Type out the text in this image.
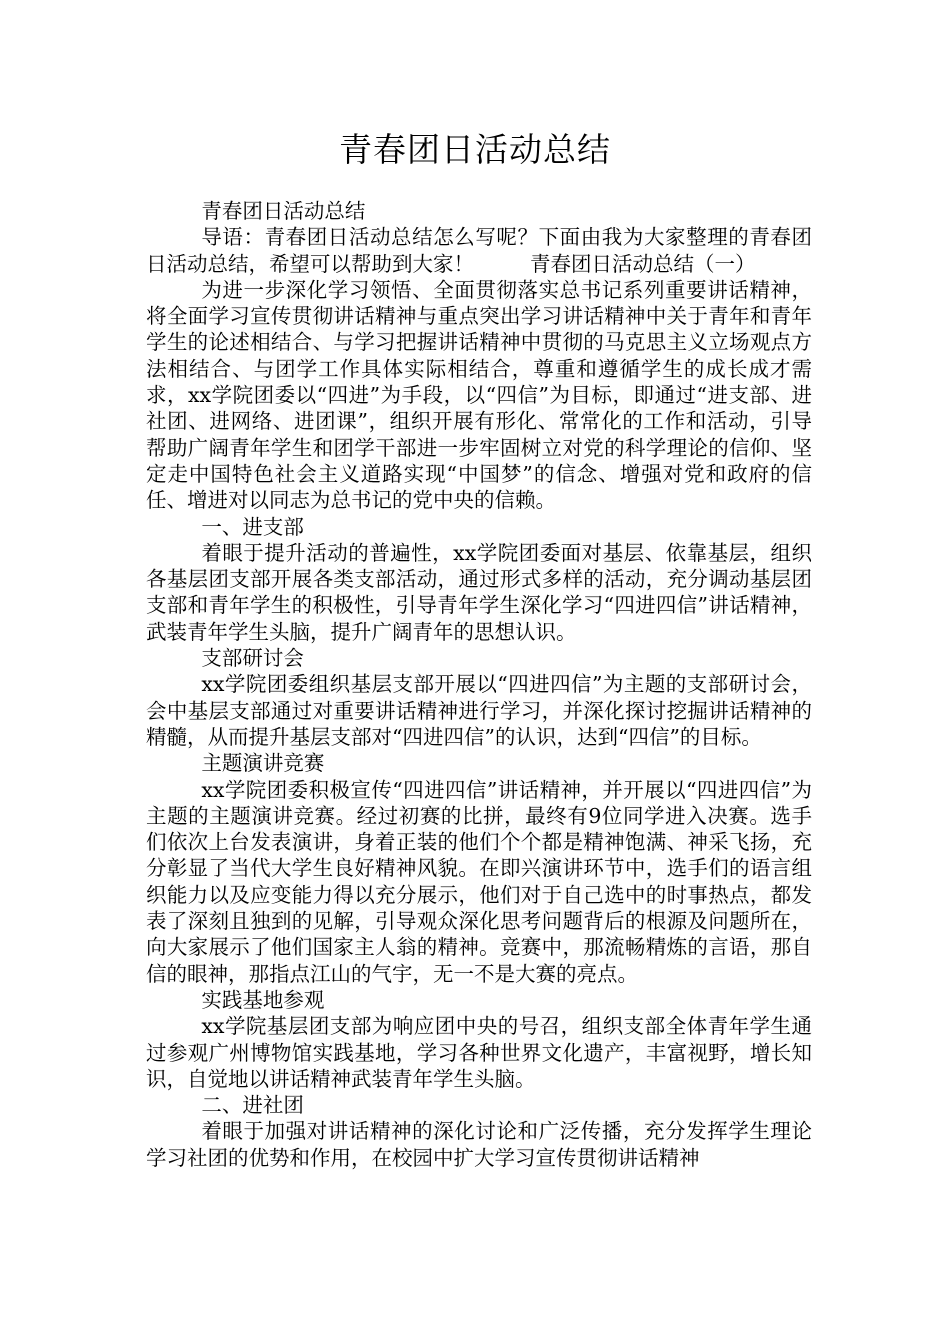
青春团日活动总结

青春团日活动总结

导语：青春团日活动总结怎么写呢？下面由我为大家整理的青春团日活动总结，希望可以帮助到大家！	青春团日活动总结（一）

为进一步深化学习领悟、全面贯彻落实总书记系列重要讲话精神，将全面学习宣传贯彻讲话精神与重点突出学习讲话精神中关于青年和青年学生的论述相结合、与学习把握讲话精神中贯彻的马克思主义立场观点方法相结合、与团学工作具体实际相结合，尊重和遵循学生的成长成才需求，xx学院团委以“四进”为手段，以“四信”为目标，即通过“进支部、进社团、进网络、进团课”，组织开展有形化、常常化的工作和活动，引导帮助广阔青年学生和团学干部进一步牢固树立对党的科学理论的信仰、坚定走中国特色社会主义道路实现“中国梦”的信念、增强对党和政府的信任、增进对以同志为总书记的党中央的信赖。

一、进支部

着眼于提升活动的普遍性，xx学院团委面对基层、依靠基层，组织各基层团支部开展各类支部活动，通过形式多样的活动，充分调动基层团支部和青年学生的积极性，引导青年学生深化学习“四进四信”讲话精神，武装青年学生头脑，提升广阔青年的思想认识。

支部研讨会

xx学院团委组织基层支部开展以“四进四信”为主题的支部研讨会，会中基层支部通过对重要讲话精神进行学习，并深化探讨挖掘讲话精神的精髓，从而提升基层支部对“四进四信”的认识，达到“四信”的目标。

主题演讲竞赛

xx学院团委积极宣传“四进四信”讲话精神，并开展以“四进四信”为主题的主题演讲竞赛。经过初赛的比拼，最终有9位同学进入决赛。选手们依次上台发表演讲，身着正装的他们个个都是精神饱满、神采飞扬，充分彰显了当代大学生良好精神风貌。在即兴演讲环节中，选手们的语言组织能力以及应变能力得以充分展示，他们对于自己选中的时事热点，都发表了深刻且独到的见解，引导观众深化思考问题背后的根源及问题所在，向大家展示了他们国家主人翁的精神。竞赛中，那流畅精炼的言语，那自信的眼神，那指点江山的气宇，无一不是大赛的亮点。

实践基地参观

xx学院基层团支部为响应团中央的号召，组织支部全体青年学生通过参观广州博物馆实践基地，学习各种世界文化遗产，丰富视野，增长知识，自觉地以讲话精神武装青年学生头脑。

二、进社团

着眼于加强对讲话精神的深化讨论和广泛传播，充分发挥学生理论学习社团的优势和作用，在校园中扩大学习宣传贯彻讲话精神
